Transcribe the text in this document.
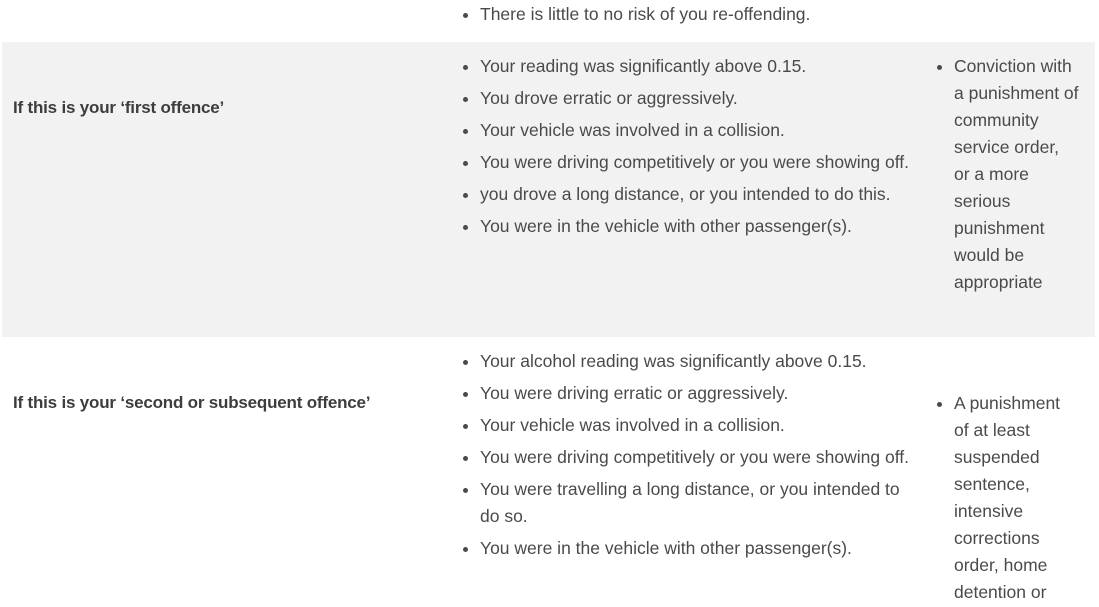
There is little to no risk of you re-offending.
If this is your ‘first offence’
Your reading was significantly above 0.15.
You drove erratic or aggressively.
Your vehicle was involved in a collision.
You were driving competitively or you were showing off.
you drove a long distance, or you intended to do this.
You were in the vehicle with other passenger(s).
Conviction with a punishment of community service order, or a more serious punishment would be appropriate
If this is your ‘second or subsequent offence’
Your alcohol reading was significantly above 0.15.
You were driving erratic or aggressively.
Your vehicle was involved in a collision.
You were driving competitively or you were showing off.
You were travelling a long distance, or you intended to do so.
You were in the vehicle with other passenger(s).
A punishment of at least suspended sentence, intensive corrections order, home detention or
